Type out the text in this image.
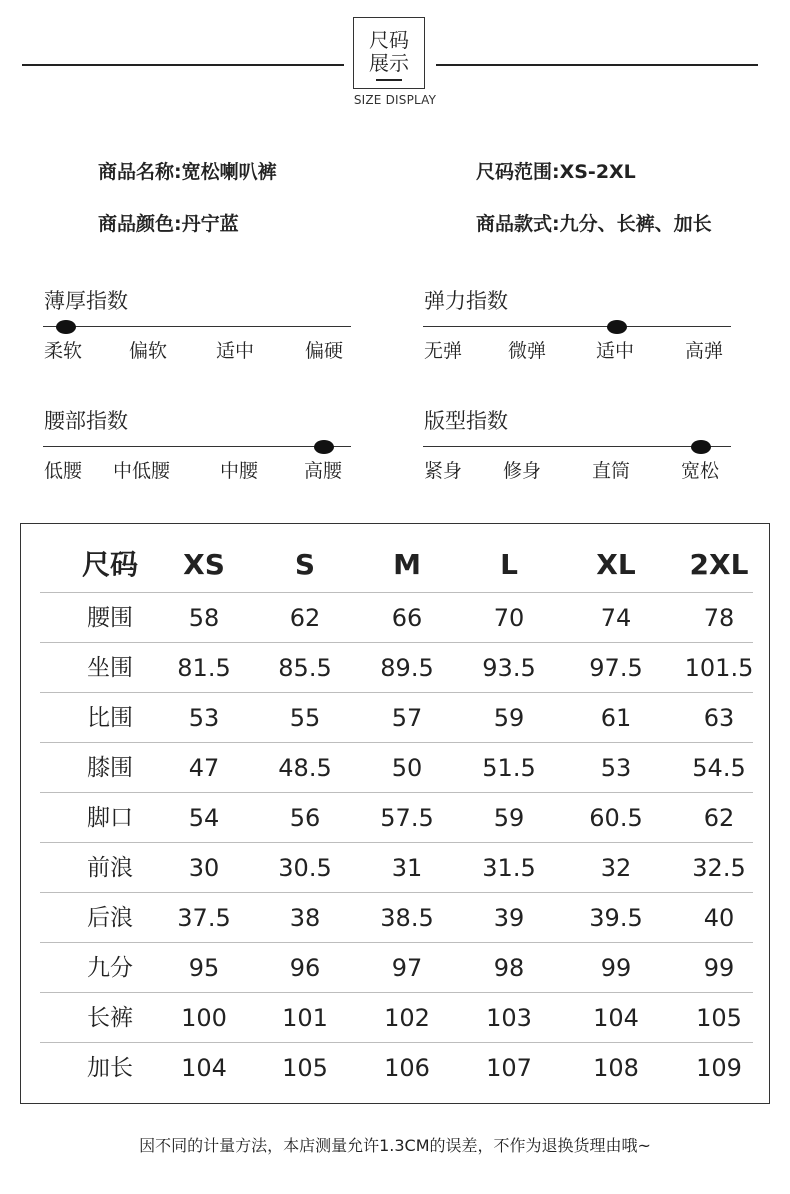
尺码
展示
SIZE DISPLAY
商品名称:宽松喇叭裤	尺码范围:XS-2XL
商品颜色:丹宁蓝	商品款式:九分、长裤、加长
薄厚指数
柔软 偏软	适中	偏硬
弹力指数
无弹 微弹	适中	高弹
腰部指数
低腰 中低腰	中腰 高腰
版型指数
紧身 修身	直筒	宽松
尺码 XS	S	M	L	XL 2XL
腰围 58	62	66	70	74	78
坐围 81.5 85.5 89.5 93.5 97.5 101.5
比围 53	55	57	59	61	63
膝围 47 48.5	50	51.5	53	54.5
脚口 54	56	57.5	59	60.5	62
前浪 30 30.5	31	31.5	32	32.5
后浪 37.5 38	38.5	39	39.5	40
九分 95	96	97	98	99	99
长裤 100 101 102 103	104 105
加长 104 105 106 107	108 109
因不同的计量方法，本店测量允许1.3CM的误差，不作为退换货理由哦~
